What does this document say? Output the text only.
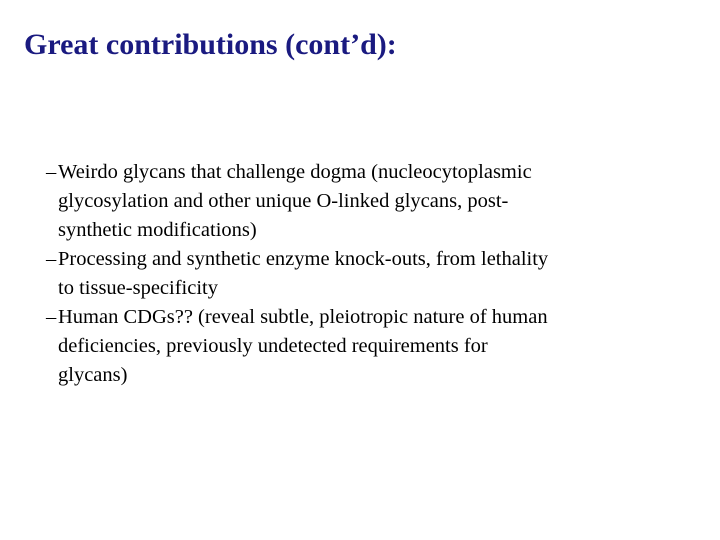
Great contributions (cont’d):
– Weirdo glycans that challenge dogma (nucleocytoplasmic
glycosylation and other unique O-linked glycans, post-
synthetic modifications)
– Processing and synthetic enzyme knock-outs, from lethality
to tissue-specificity
– Human CDGs?? (reveal subtle, pleiotropic nature of human
deficiencies, previously undetected requirements for
glycans)
